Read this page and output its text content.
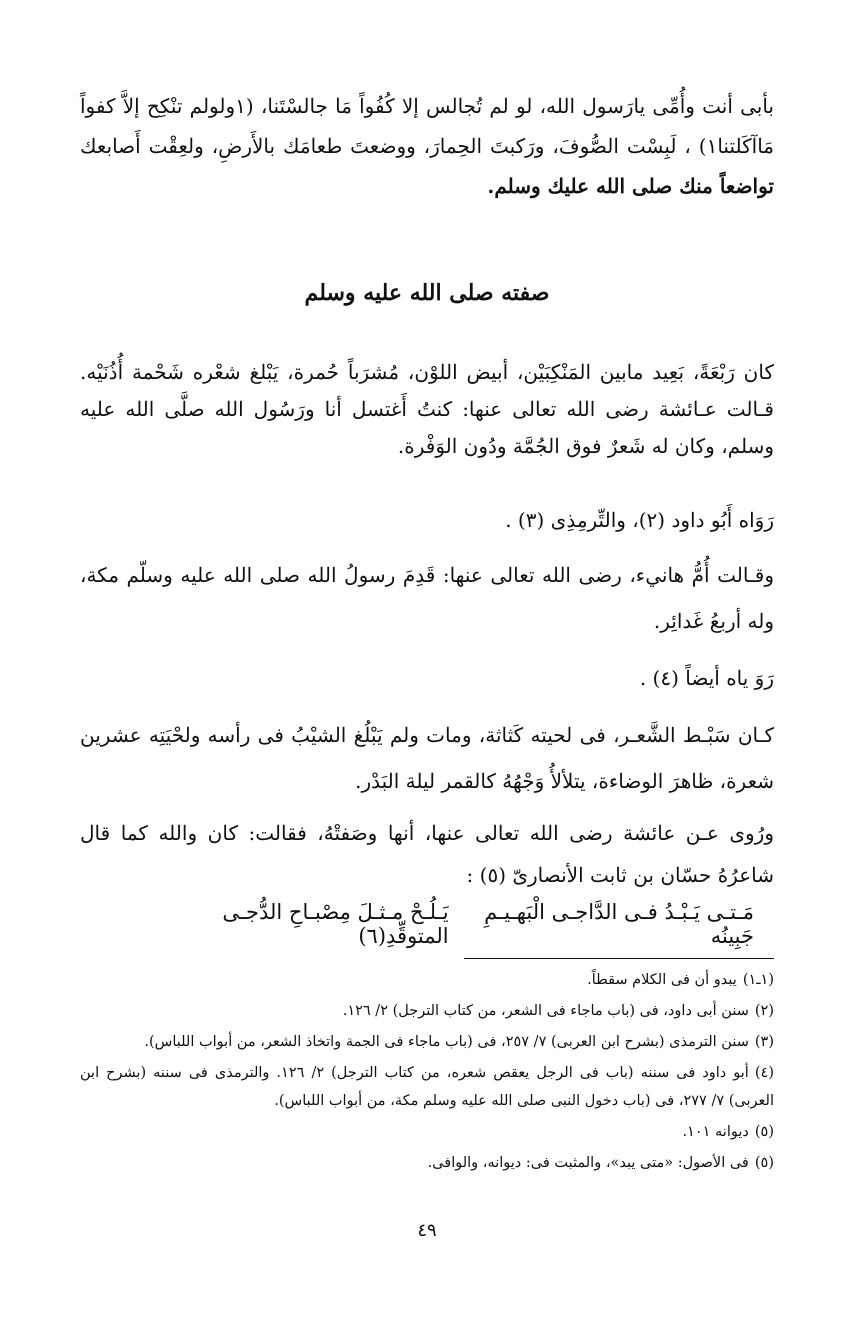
بأبى أنت وأُمِّى يارَسول الله، لو لم تُجالس إلا كُفُواً مَا جالسْتَنا، (١ولولم تنْكِح إلاَّ كفواً مَاآكَلتنا١) ، لَبِسْت الصُّوفَ، ورَكبتَ الحِمارَ، ووضعتَ طعامَك بالأَرضِ، ولعِقْت أَصابعك تواضعاً منك صلى الله عليك وسلم.

صفته صلى الله عليه وسلم

كان رَبْعَةً، بَعِيد مابين المَنْكِبَيْن، أبيض اللوْن، مُشرَباً حُمرة، يَبْلغ شعْره شَحْمة أُذُنَيْه. قـالت عـائشة رضى الله تعالى عنها: كنتُ أَغتسل أنا ورَسُول الله صلَّى الله عليه وسلم، وكان له شَعرٌ فوق الجُمَّة ودُون الوَفْرة.

رَوَاه أَبُو داود (٢)، والتِّرمِذِى (٣) .

وقـالت أُمُّ هانيء، رضى الله تعالى عنها: قَدِمَ رسولُ الله صلى الله عليه وسلّم مكة، وله أربعُ غَدائِر.

رَوَ ياه أيضاً (٤) .

كـان سَبْـط الشَّعـر، فى لحيته كَثاثة، ومات ولم يَبْلُغ الشيْبُ فى رأسه ولحْيَتِه عشرين شعرة، ظاهرَ الوضاءة، يتلألأُ وَجْهُهُ كالقمر ليلة البَدْر.

ورُوى عـن عائشة رضى الله تعالى عنها، أنها وصَفتْهُ، فقالت: كان والله كما قال شاعرُهُ حسّان بن ثابت الأنصارىّ (٥) :

مَـتـى يَـبْـدُ فـى الدَّاجـى الْبَهـيـمِ جَبِينُه
يَـلُـحْ مـثـلَ مِصْبـاحِ الدُّجـى المتوقِّدِ(٦)
(١ـ١)يبدو أن فى الكلام سقطاً.
(٢)سنن أبى داود، فى (باب ماجاء فى الشعر، من كتاب الترجل) ٢/ ١٢٦.
(٣)سنن الترمذى (بشرح ابن العربى) ٧/ ٢٥٧، فى (باب ماجاء فى الجمة واتخاذ الشعر، من أبواب اللباس).
(٤)أبو داود فى سننه (باب فى الرجل يعقص شعره، من كتاب الترجل) ٢/ ١٢٦. والترمذى فى سننه (بشرح ابن العربى) ٧/ ٢٧٧، فى (باب دخول النبى صلى الله عليه وسلم مكة، من أبواب اللباس).
(٥)ديوانه ١٠١.
(٥)فى الأصول: «متى يبد»، والمثبت فى: ديوانه، والوافى.
٤٩
